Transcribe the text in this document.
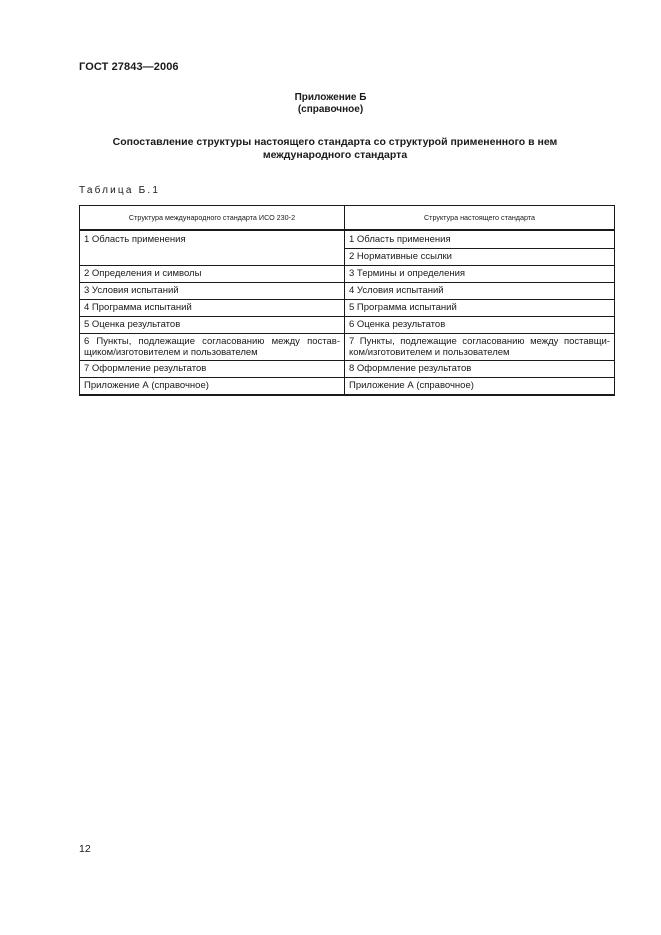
ГОСТ 27843—2006
Приложение Б
(справочное)
Сопоставление структуры настоящего стандарта со структурой примененного в нем
международного стандарта
Таблица Б.1
Структура международного стандарта ИСО 230-2	Структура настоящего стандарта
1 Область применения	1 Область применения
	2 Нормативные ссылки
2 Определения и символы	3 Термины и определения
3 Условия испытаний	4 Условия испытаний
4 Программа испытаний	5 Программа испытаний
5 Оценка результатов	6 Оценка результатов
6 Пункты, подлежащие согласованию между постав-щиком/изготовителем и пользователем	7 Пункты, подлежащие согласованию между поставщи-ком/изготовителем и пользователем
7 Оформление результатов	8 Оформление результатов
Приложение А (справочное)	Приложение А (справочное)
12
